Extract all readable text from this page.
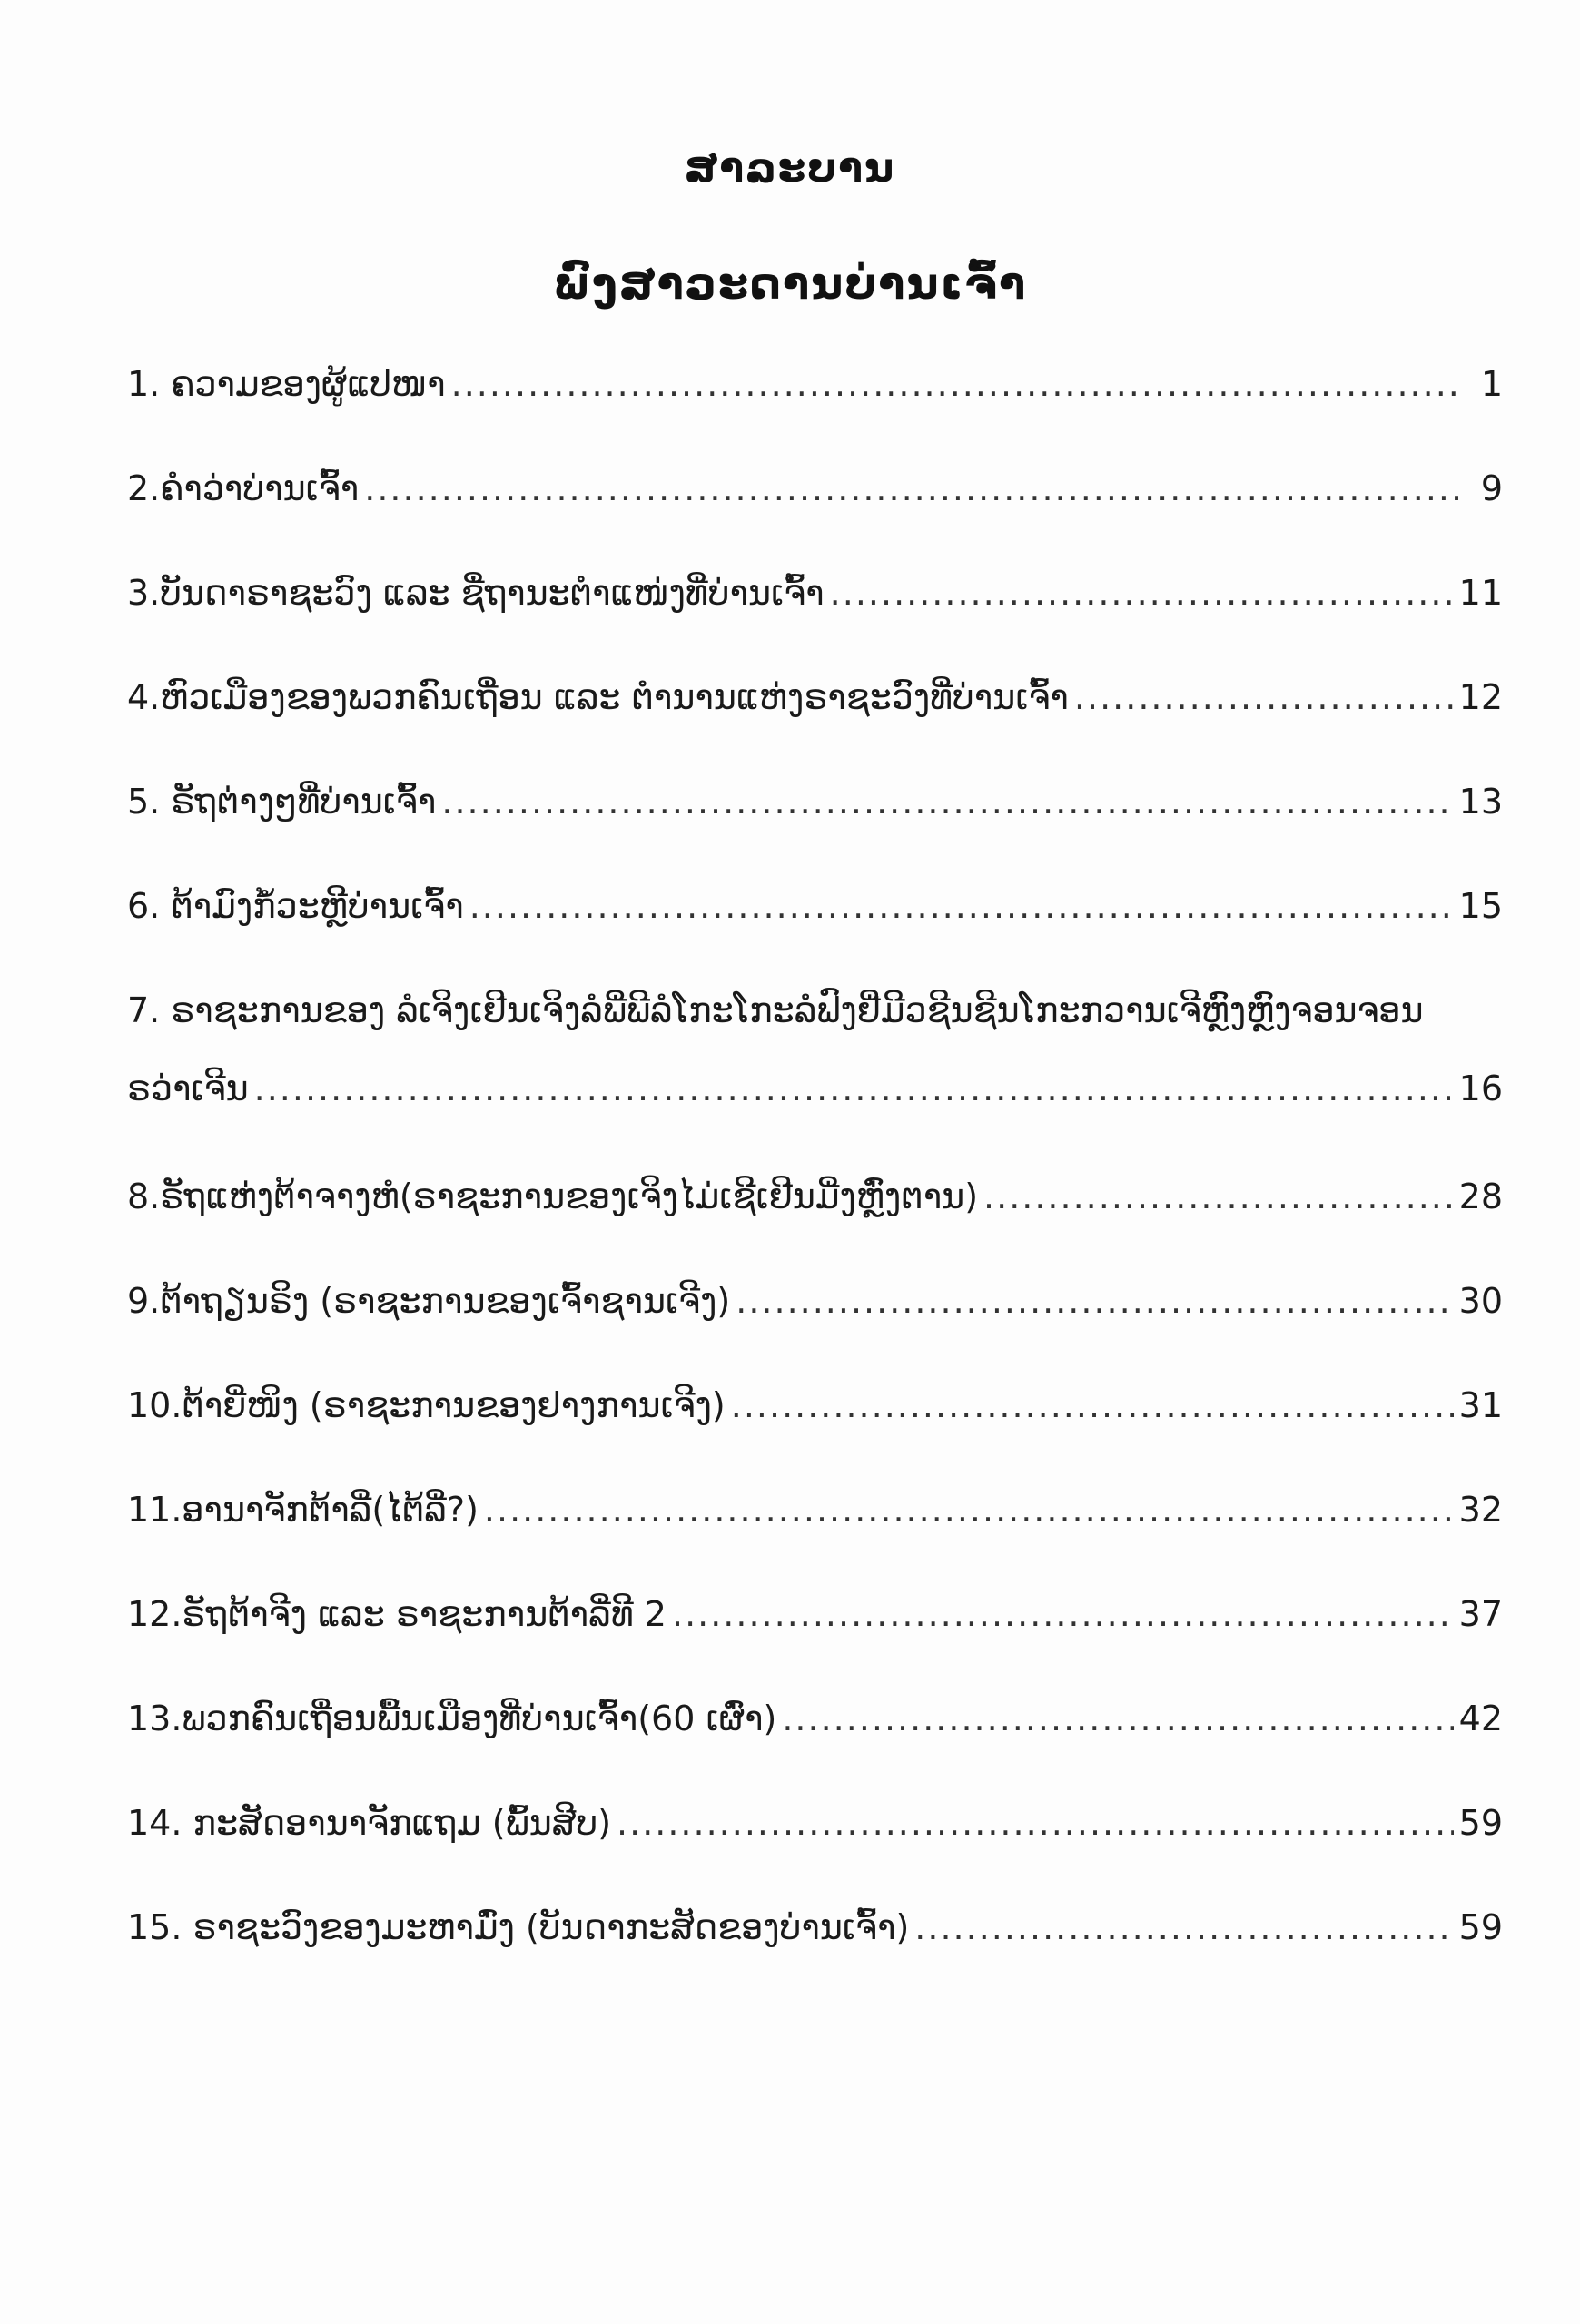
ສາລະບານ
ພົງສາວະດານບ່ານເຈົ້າ
1. ຄວາມຂອງຜູ້ແປໜາ .....	1
2.ຄຳວ່າບ່ານເຈົ້າ .....	9
3.ບັນດາຣາຊະວົງ ແລະ ຊື່ຖານະຕຳແໜ່ງທີ່ບ່ານເຈົ້າ .....	11
4.ຫົວເມືອງຂອງພວກຄົນເຖື່ອນ ແລະ ຕຳນານແຫ່ງຣາຊະວົງທີ່ບ່ານເຈົ້າ .....	12
5. ຣັຖຕ່າງໆທີ່ບ່ານເຈົ້າ .....	13
6. ຕ້າມົງກໍ້ວະຫຼີບ່ານເຈົ້າ .....	15
7. ຣາຊະການຂອງ ລໍເຈິງເຢີນເຈິງລໍພີ່ພີລໍໂກະໂກະລໍຟົງຢີ່ມີວຊີນຊີນໂກະກວານເຈີຫຼົງຫຼົງຈອນຈອນ
ຣວ່າເຈີນ .....	16
8.ຣັຖແຫ່ງຕ້າຈາງຫໍ(ຣາຊະການຂອງເຈິງໄມ່ເຊີເຢີນມີ່ງຫຼົ່ງຕານ) .....	28
9.ຕ້າຖຽນຣິງ (ຣາຊະການຂອງເຈົ້າຊານເຈີງ) .....	30
10.ຕ້າຍີ່ໜິງ (ຣາຊະການຂອງຢາງການເຈີງ) .....	31
11.ອານາຈັກຕ້າລີ່(ໄຕ້ລີ່?) .....	32
12.ຣັຖຕ້າຈີງ ແລະ ຣາຊະການຕ້າລີ່ທີ 2 .....	37
13.ພວກຄົນເຖື່ອນພື້ນເມືອງທີ່ບ່ານເຈົ້າ(60 ເຜົ່າ) .....	42
14. ກະສັດອານາຈັກແຖມ (ພົ້ນສີບ) .....	59
15. ຣາຊະວົງຂອງມະຫາມົ່ງ (ບັນດາກະສັດຂອງບ່ານເຈົ້າ) .....	59
